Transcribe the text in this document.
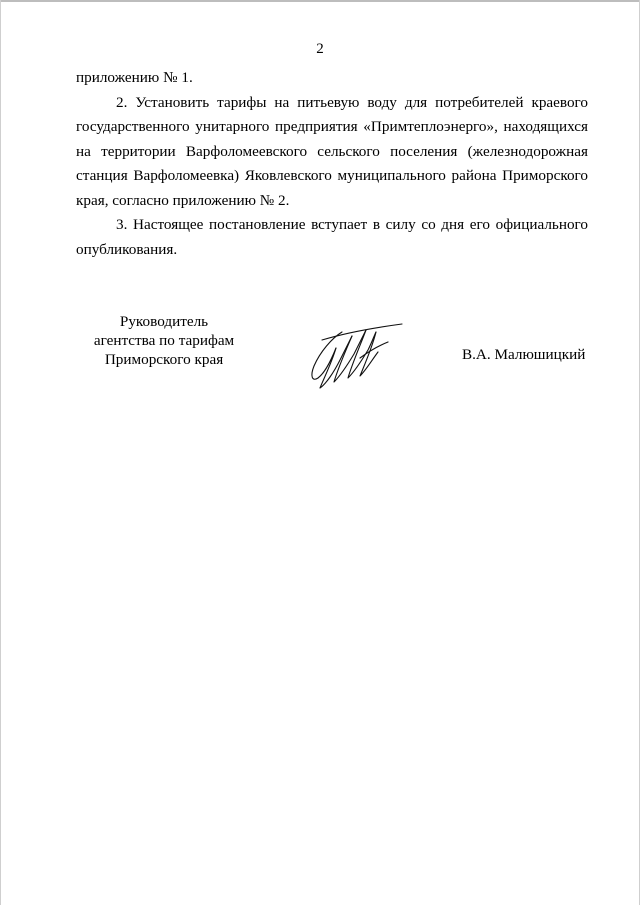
2

приложению № 1.

2. Установить тарифы на питьевую воду для потребителей краевого государственного унитарного предприятия «Примтеплоэнерго», находящихся на территории Варфоломеевского сельского поселения (железнодорожная станция Варфоломеевка) Яковлевского муниципального района Приморского края, согласно приложению № 2.

3. Настоящее постановление вступает в силу со дня его официального опубликования.

Руководитель
агентства по тарифам
Приморского края	В.А. Малюшицкий
